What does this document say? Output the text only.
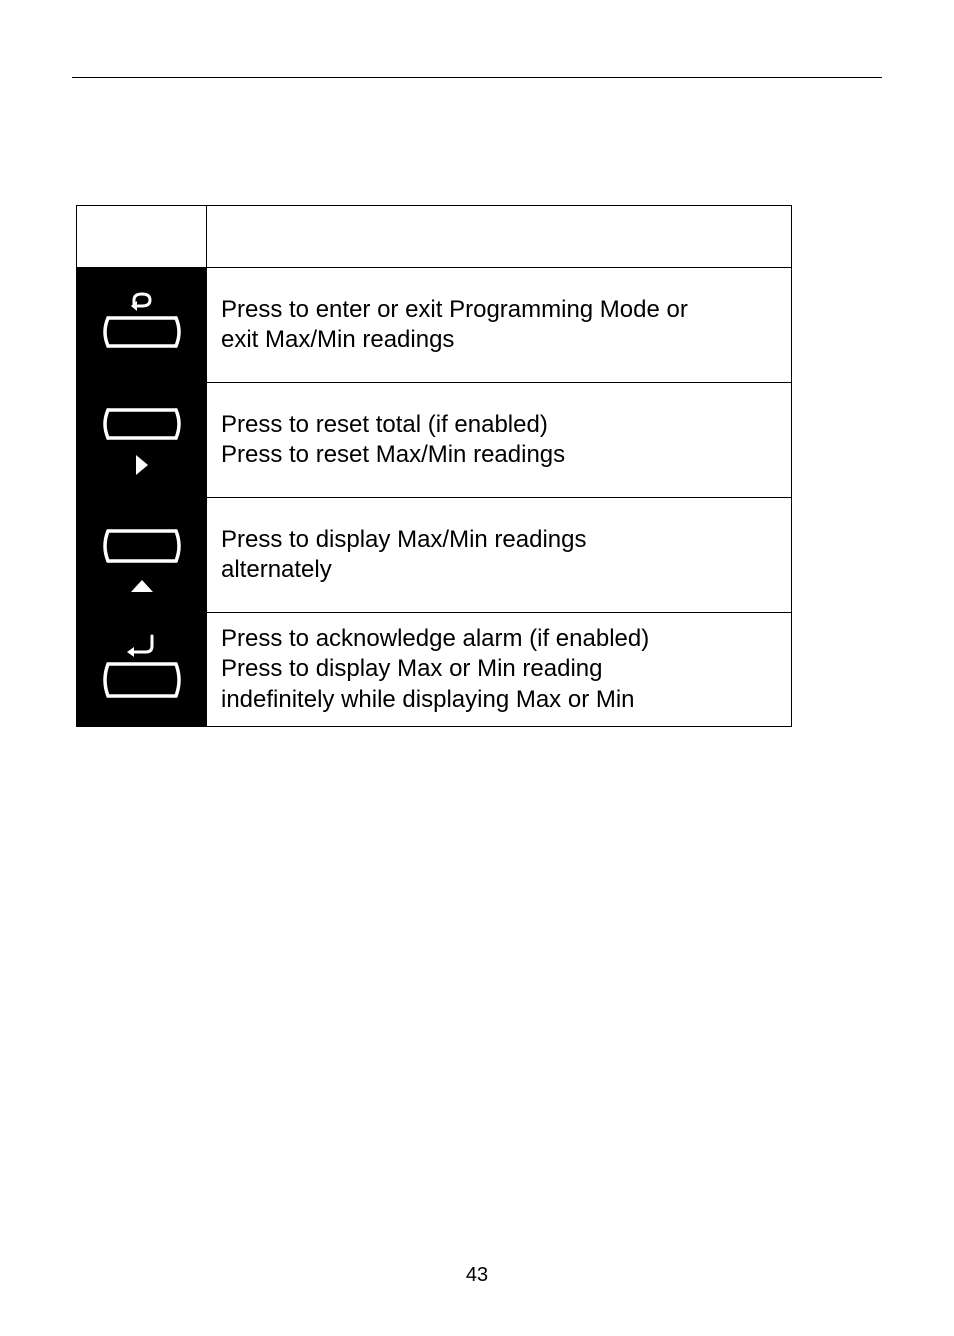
Press to enter or exit Programming Mode or
exit Max/Min readings

Press to reset total (if enabled)
Press to reset Max/Min readings

Press to display Max/Min readings
alternately

Press to acknowledge alarm (if enabled)
Press to display Max or Min reading
indefinitely while displaying Max or Min
43
